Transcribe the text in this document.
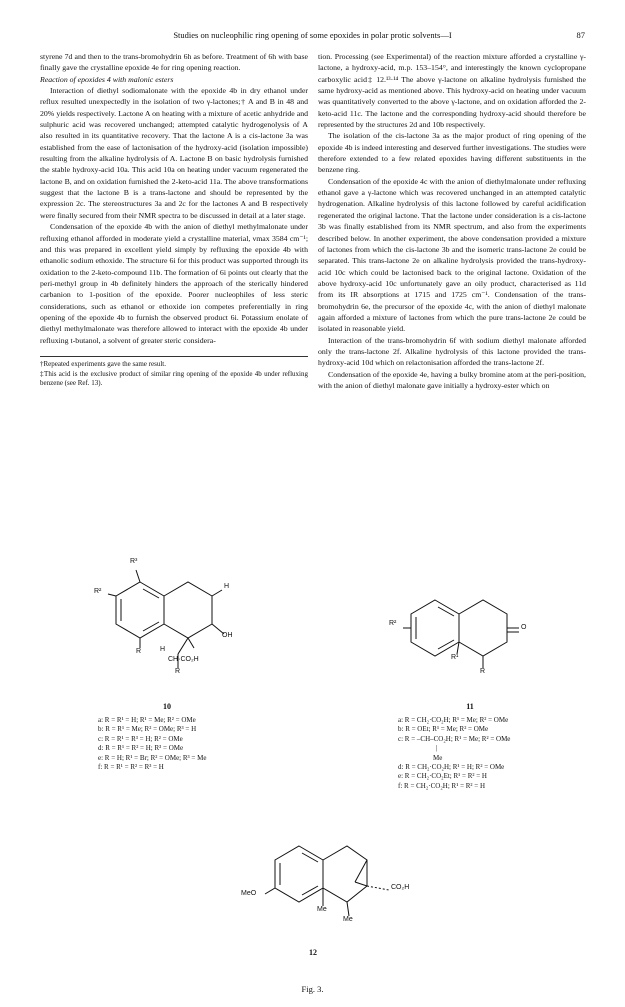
Studies on nucleophilic ring opening of some epoxides in polar protic solvents—I	87

styrene 7d and then to the trans-bromohydrin 6h as before. Treatment of 6h with base finally gave the crystalline epoxide 4e for ring opening reaction.

Reaction of epoxides 4 with malonic esters

Interaction of diethyl sodiomalonate with the epoxide 4b in dry ethanol under reflux resulted unexpectedly in the isolation of two γ-lactones;† A and B in 48 and 20% yields respectively. Lactone A on heating with a mixture of acetic anhydride and sulphuric acid was recovered unchanged; attempted catalytic hydrogenolysis of A also resulted in its quantitative recovery. That the lactone A is a cis-lactone 3a was established from the ease of lactonisation of the hydroxy-acid (isolation impossible) resulting from the alkaline hydrolysis of A. Lactone B on basic hydrolysis furnished the stable hydroxy-acid 10a. This acid 10a on heating under vacuum regenerated the lactone B, and on oxidation furnished the 2-keto-acid 11a. The above transformations suggest that the lactone B is a trans-lactone and should be represented by the expression 2c. The stereostructures 3a and 2c for the lactones A and B respectively were finally secured from their NMR spectra to be discussed in detail at a later stage.

Condensation of the epoxide 4b with the anion of diethyl methylmalonate under refluxing ethanol afforded in moderate yield a crystalline material, νmax 3584 cm⁻¹; and this was prepared in excellent yield simply by refluxing the epoxide 4b with ethanolic sodium ethoxide. The structure 6i for this product was supported through its oxidation to the 2-keto-compound 11b. The formation of 6i points out clearly that the peri-methyl group in 4b definitely hinders the approach of the sterically hindered carbanion to 1-position of the epoxide. Poorer nucleophiles of less steric considerations, such as ethanol or ethoxide ion competes preferentially in ring opening of the epoxide 4b to furnish the observed product 6i. Potassium enolate of diethyl methylmalonate was therefore allowed to interact with the epoxide 4b under refluxing t-butanol, a solvent of greater steric considera-

†Repeated experiments gave the same result.

‡This acid is the exclusive product of similar ring opening of the epoxide 4b under refluxing benzene (see Ref. 13).

tion. Processing (see Experimental) of the reaction mixture afforded a crystalline γ-lactone, a hydroxy-acid, m.p. 153–154°, and interestingly the known cyclopropane carboxylic acid‡ 12.¹³·¹⁴ The above γ-lactone on alkaline hydrolysis furnished the same hydroxy-acid as mentioned above. This hydroxy-acid on heating under vacuum was quantitatively converted to the above γ-lactone, and on oxidation afforded the 2-keto-acid 11c. The lactone and the corresponding hydroxy-acid should therefore be represented by the structures 2d and 10b respectively.

The isolation of the cis-lactone 3a as the major product of ring opening of the epoxide 4b is indeed interesting and deserved further investigations. The studies were therefore extended to a few related epoxides having different substituents in the benzene ring.

Condensation of the epoxide 4c with the anion of diethylmalonate under refluxing ethanol gave a γ-lactone which was recovered unchanged in an attempted catalytic hydrogenation. Alkaline hydrolysis of this lactone followed by careful acidification regenerated the original lactone. That the lactone under consideration is a cis-lactone 3b was finally established from its NMR spectrum, and also from the experiments described below. In another experiment, the above condensation provided a mixture of lactones from which the cis-lactone 3b and the isomeric trans-lactone 2e could be separated. This trans-lactone 2e on alkaline hydrolysis provided the trans-hydroxy-acid 10c which could be lactonised back to the original lactone. Oxidation of the above hydroxy-acid 10c unfortunately gave an oily product, characterised as 11d from its IR absorptions at 1715 and 1725 cm⁻¹. Condensation of the trans-bromohydrin 6e, the precursor of the epoxide 4c, with the anion of diethyl malonate again afforded a mixture of lactones from which the pure trans-lactone 2e could be isolated in reasonable yield.

Interaction of the trans-bromohydrin 6f with sodium diethyl malonate afforded only the trans-lactone 2f. Alkaline hydrolysis of this lactone provided the trans-hydroxy-acid 10d which on relactonisation afforded the trans-lactone 2f.

Condensation of the epoxide 4e, having a bulky bromine atom at the peri-position, with the anion of diethyl malonate gave initially a hydroxy-ester which on

R³
R²
R
H
H
OH
CH·CO₂H
R
10
a: R = R¹ = H; R¹ = Me; R² = OMe
b: R = R¹ = Me; R² = OMe; R³ = H
c: R = R¹ = R³ = H; R² = OMe
d: R = R¹ = R² = H; R³ = OMe
e: R = H; R¹ = Br; R² = OMe; R³ = Me
f: R = R¹ = R² = R³ = H
R²
R¹
R
O
11
a: R = CH₂·CO₂H; R¹ = Me; R² = OMe
b: R = OEt; R¹ = Me; R² = OMe
c: R = –CH–CO₂H; R¹ = Me; R² = OMe
|
Me
d: R = CH₂·CO₂H; R¹ = H; R² = OMe
e: R = CH₂·CO₂Et; R¹ = R² = H
f: R = CH₂·CO₂H; R¹ = R² = H
MeO
CO₂H
Me
Me
12
Fig. 3.
